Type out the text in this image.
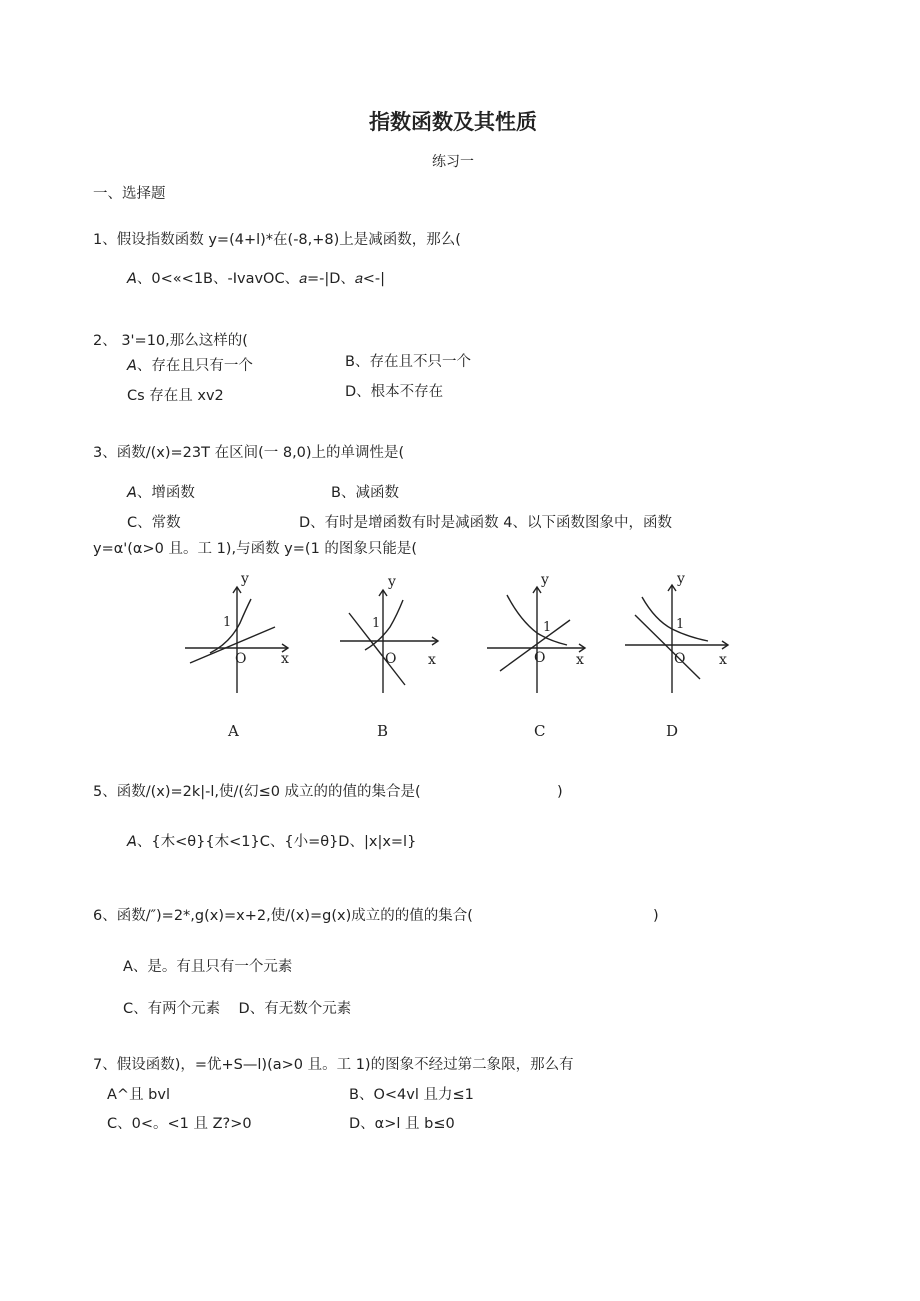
指数函数及其性质
练习一
一、选择题
1、假设指数函数 y=(4+l)*在(-8,+8)上是减函数，那么(
𝘈、0<«<1B、-IvavOC、𝑎=-|D、𝑎<-|
2、 3'=10,那么这样的(
𝘈、存在且只有一个	B、存在且不只一个
Cs 存在且 xv2	D、根本不存在
3、函数/(x)=23T 在区间(一 8,0)上的单调性是(
𝘈、增函数	B、减函数
C、常数	D、有时是增函数有时是减函数 4、以下函数图象中，函数
y=α'(α>0 且。工 1),与函数 y=(1 的图象只能是(
y
1
O x
y
1
O x
y
1
O x
y
1
O x
A	B	C	D
5、函数/(x)=2k|-l,使/(幻≤0 成立的的值的集合是(	)
𝘈、{木<θ}{木<1}C、{小=θ}D、|x|x=l}
6、函数/″)=2*,g(x)=x+2,使/(x)=g(x)成立的的值的集合(	)
A、是。有且只有一个元素
C、有两个元素    D、有无数个元素
7、假设函数)，=优+S—l)(a>0 且。工 1)的图象不经过第二象限，那么有
A^且 bvl	B、O<4vl 且力≤1
C、0<。<1 且 Z?>0	D、α>l 且 b≤0
